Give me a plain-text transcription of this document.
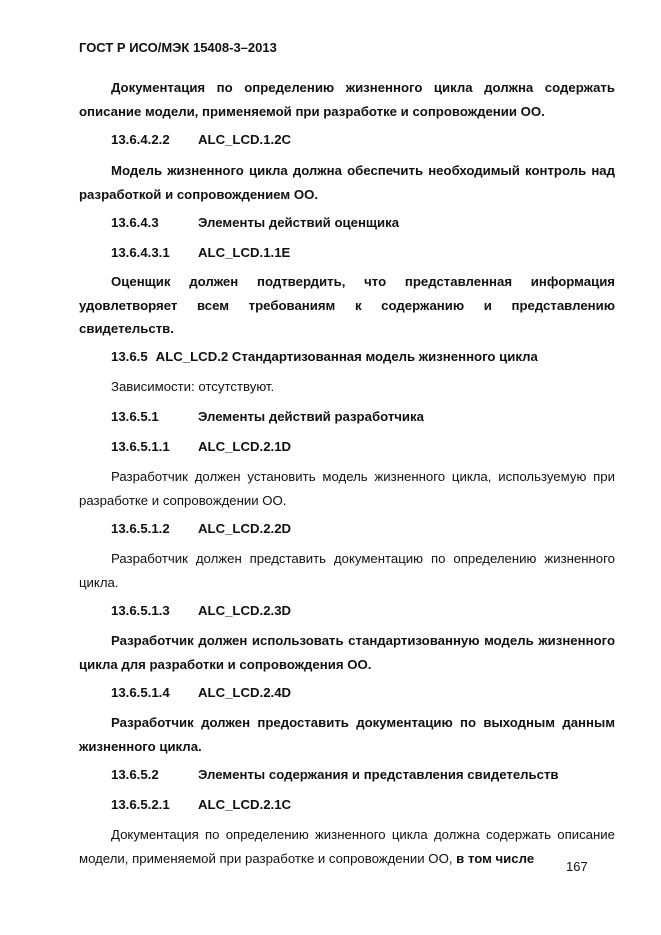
ГОСТ Р ИСО/МЭК 15408-3–2013
Документация по определению жизненного цикла должна содержать описание модели, применяемой при разработке и сопровождении ОО.
13.6.4.2.2 ALC_LCD.1.2C
Модель жизненного цикла должна обеспечить необходимый контроль над разработкой и сопровождением ОО.
13.6.4.3	Элементы действий оценщика
13.6.4.3.1 ALC_LCD.1.1E
Оценщик должен подтвердить, что представленная информация удовлетворяет всем требованиям к содержанию и представлению свидетельств.
13.6.5 ALC_LCD.2 Стандартизованная модель жизненного цикла
Зависимости: отсутствуют.
13.6.5.1	Элементы действий разработчика
13.6.5.1.1 ALC_LCD.2.1D
Разработчик должен установить модель жизненного цикла, используемую при разработке и сопровождении ОО.
13.6.5.1.2 ALC_LCD.2.2D
Разработчик должен представить документацию по определению жизненного цикла.
13.6.5.1.3 ALC_LCD.2.3D
Разработчик должен использовать стандартизованную модель жизненного цикла для разработки и сопровождения ОО.
13.6.5.1.4 ALC_LCD.2.4D
Разработчик должен предоставить документацию по выходным данным жизненного цикла.
13.6.5.2	Элементы содержания и представления свидетельств
13.6.5.2.1 ALC_LCD.2.1C
Документация по определению жизненного цикла должна содержать описание модели, применяемой при разработке и сопровождении ОО, в том числе
167
